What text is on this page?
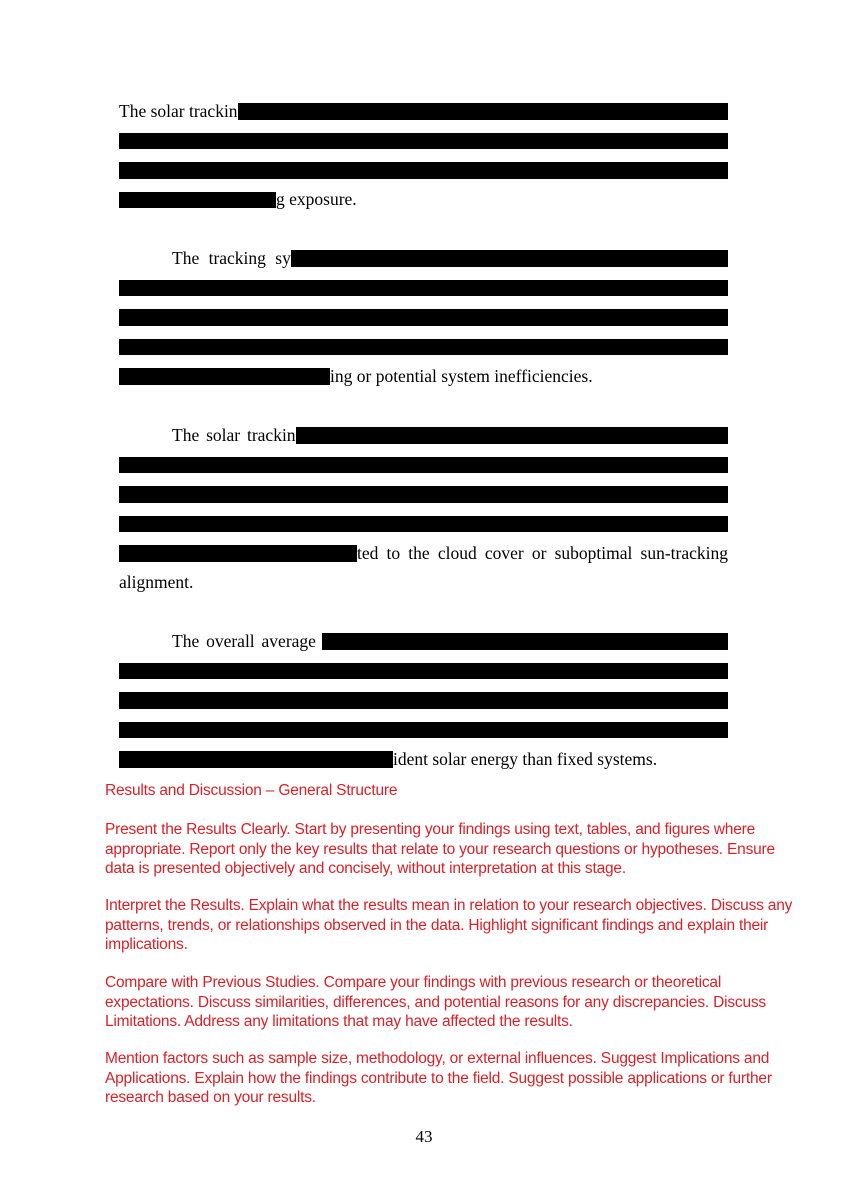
The solar trackin
g exposure.
The tracking sy
ing or potential system inefficiencies.
The solar trackin
ted to the cloud cover or suboptimal sun-tracking
alignment.
The overall average
ident solar energy than fixed systems.
Results and Discussion – General Structure

Present the Results Clearly. Start by presenting your findings using text, tables, and figures where appropriate. Report only the key results that relate to your research questions or hypotheses. Ensure data is presented objectively and concisely, without interpretation at this stage.

Interpret the Results. Explain what the results mean in relation to your research objectives. Discuss any patterns, trends, or relationships observed in the data. Highlight significant findings and explain their implications.

Compare with Previous Studies. Compare your findings with previous research or theoretical expectations. Discuss similarities, differences, and potential reasons for any discrepancies. Discuss Limitations. Address any limitations that may have affected the results.

Mention factors such as sample size, methodology, or external influences. Suggest Implications and Applications. Explain how the findings contribute to the field. Suggest possible applications or further research based on your results.

43
